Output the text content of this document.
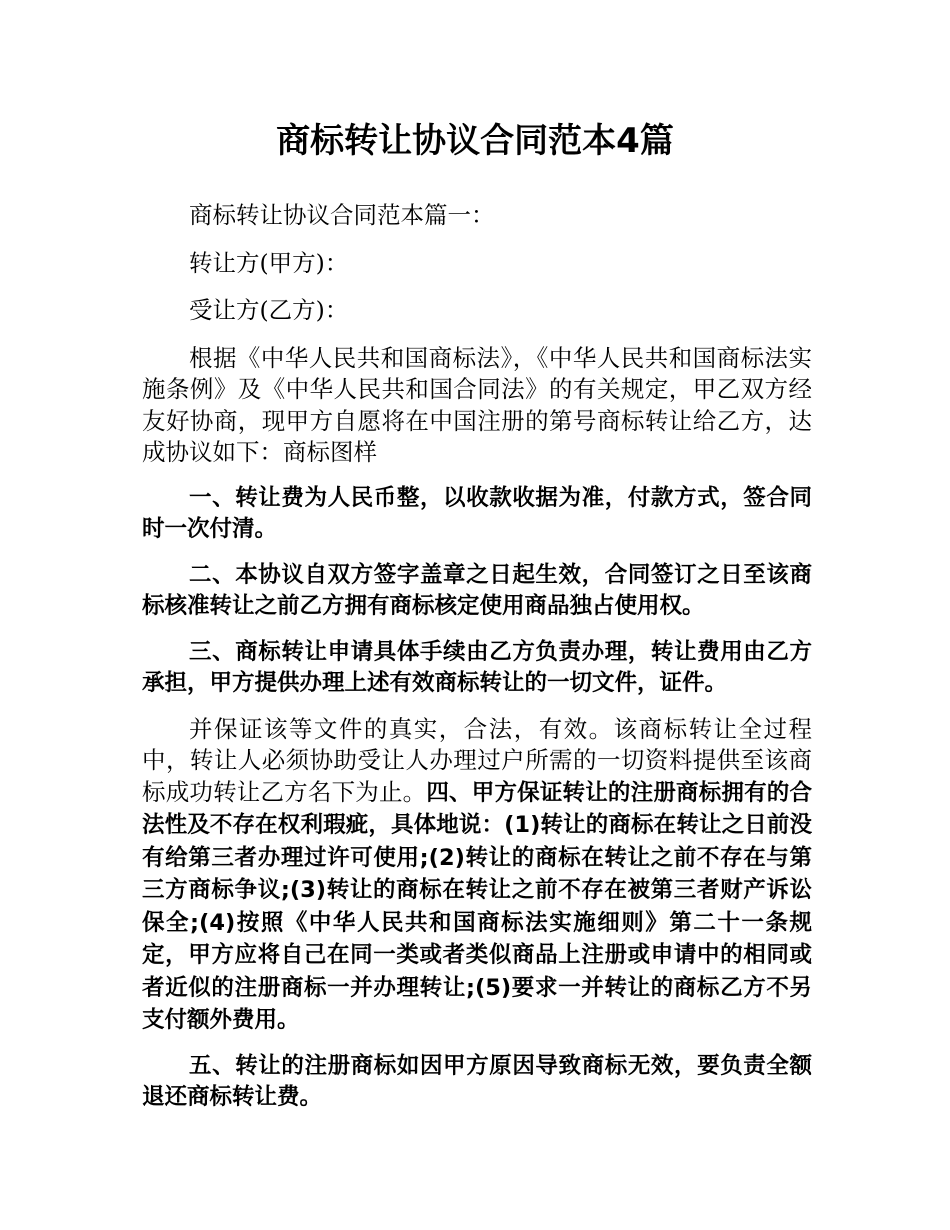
商标转让协议合同范本4篇

商标转让协议合同范本篇一：

转让方(甲方)：

受让方(乙方)：

根据《中华人民共和国商标法》，《中华人民共和国商标法实施条例》及《中华人民共和国合同法》的有关规定，甲乙双方经友好协商，现甲方自愿将在中国注册的第号商标转让给乙方，达成协议如下：商标图样

一、转让费为人民币整，以收款收据为准，付款方式，签合同时一次付清。

二、本协议自双方签字盖章之日起生效，合同签订之日至该商标核准转让之前乙方拥有商标核定使用商品独占使用权。

三、商标转让申请具体手续由乙方负责办理，转让费用由乙方承担，甲方提供办理上述有效商标转让的一切文件，证件。

并保证该等文件的真实，合法，有效。该商标转让全过程中，转让人必须协助受让人办理过户所需的一切资料提供至该商标成功转让乙方名下为止。四、甲方保证转让的注册商标拥有的合法性及不存在权利瑕疵，具体地说：(1)转让的商标在转让之日前没有给第三者办理过许可使用;(2)转让的商标在转让之前不存在与第三方商标争议;(3)转让的商标在转让之前不存在被第三者财产诉讼保全;(4)按照《中华人民共和国商标法实施细则》第二十一条规定，甲方应将自己在同一类或者类似商品上注册或申请中的相同或者近似的注册商标一并办理转让;(5)要求一并转让的商标乙方不另支付额外费用。

五、转让的注册商标如因甲方原因导致商标无效，要负责全额退还商标转让费。
